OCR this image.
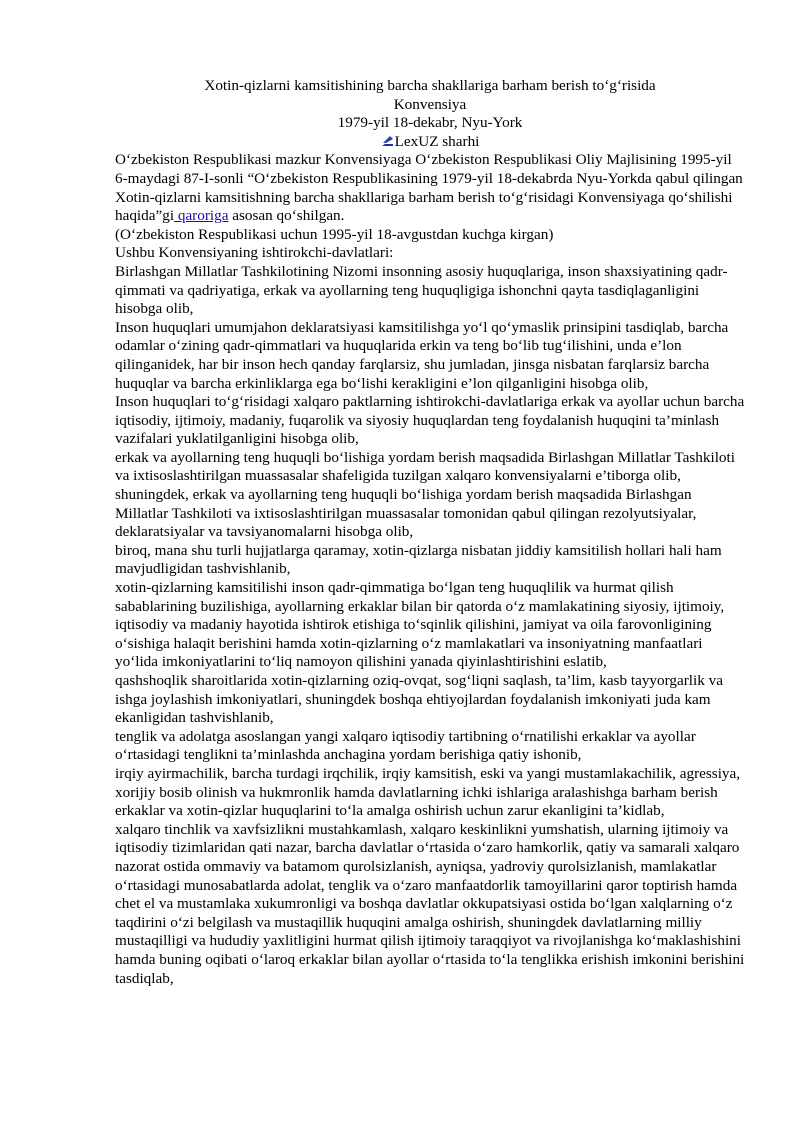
Xotin-qizlarni kamsitishining barcha shakllariga barham berish to‘g‘risida
Konvensiya
1979-yil 18-dekabr, Nyu-York
LexUZ sharhi

O‘zbekiston Respublikasi mazkur Konvensiyaga O‘zbekiston Respublikasi Oliy Majlisining 1995-yil 6-maydagi 87-I-sonli “O‘zbekiston Respublikasining 1979-yil 18-dekabrda Nyu-Yorkda qabul qilingan Xotin-qizlarni kamsitishning barcha shakllariga barham berish to‘g‘risidagi Konvensiyaga qo‘shilishi haqida”gi qaroriga asosan qo‘shilgan.

(O‘zbekiston Respublikasi uchun 1995-yil 18-avgustdan kuchga kirgan)

Ushbu Konvensiyaning ishtirokchi-davlatlari:

Birlashgan Millatlar Tashkilotining Nizomi insonning asosiy huquqlariga, inson shaxsiyatining qadr-qimmati va qadriyatiga, erkak va ayollarning teng huquqligiga ishonchni qayta tasdiqlaganligini hisobga olib,

Inson huquqlari umumjahon deklaratsiyasi kamsitilishga yo‘l qo‘ymaslik prinsipini tasdiqlab, barcha odamlar o‘zining qadr-qimmatlari va huquqlarida erkin va teng bo‘lib tug‘ilishini, unda e’lon qilinganidek, har bir inson hech qanday farqlarsiz, shu jumladan, jinsga nisbatan farqlarsiz barcha huquqlar va barcha erkinliklarga ega bo‘lishi kerakligini e’lon qilganligini hisobga olib,

Inson huquqlari to‘g‘risidagi xalqaro paktlarning ishtirokchi-davlatlariga erkak va ayollar uchun barcha iqtisodiy, ijtimoiy, madaniy, fuqarolik va siyosiy huquqlardan teng foydalanish huquqini ta’minlash vazifalari yuklatilganligini hisobga olib,

erkak va ayollarning teng huquqli bo‘lishiga yordam berish maqsadida Birlashgan Millatlar Tashkiloti va ixtisoslashtirilgan muassasalar shafeligida tuzilgan xalqaro konvensiyalarni e’tiborga olib,

shuningdek, erkak va ayollarning teng huquqli bo‘lishiga yordam berish maqsadida Birlashgan Millatlar Tashkiloti va ixtisoslashtirilgan muassasalar tomonidan qabul qilingan rezolyutsiyalar, deklaratsiyalar va tavsiyanomalarni hisobga olib,

biroq, mana shu turli hujjatlarga qaramay, xotin-qizlarga nisbatan jiddiy kamsitilish hollari hali ham mavjudligidan tashvishlanib,

xotin-qizlarning kamsitilishi inson qadr-qimmatiga bo‘lgan teng huquqlilik va hurmat qilish sabablarining buzilishiga, ayollarning erkaklar bilan bir qatorda o‘z mamlakatining siyosiy, ijtimoiy, iqtisodiy va madaniy hayotida ishtirok etishiga to‘sqinlik qilishini, jamiyat va oila farovonligining o‘sishiga halaqit berishini hamda xotin-qizlarning o‘z mamlakatlari va insoniyatning manfaatlari yo‘lida imkoniyatlarini to‘liq namoyon qilishini yanada qiyinlashtirishini eslatib,

qashshoqlik sharoitlarida xotin-qizlarning oziq-ovqat, sog‘liqni saqlash, ta’lim, kasb tayyorgarlik va ishga joylashish imkoniyatlari, shuningdek boshqa ehtiyojlardan foydalanish imkoniyati juda kam ekanligidan tashvishlanib,

tenglik va adolatga asoslangan yangi xalqaro iqtisodiy tartibning o‘rnatilishi erkaklar va ayollar o‘rtasidagi tenglikni ta’minlashda anchagina yordam berishiga qatiy ishonib,

irqiy ayirmachilik, barcha turdagi irqchilik, irqiy kamsitish, eski va yangi mustamlakachilik, agressiya, xorijiy bosib olinish va hukmronlik hamda davlatlarning ichki ishlariga aralashishga barham berish erkaklar va xotin-qizlar huquqlarini to‘la amalga oshirish uchun zarur ekanligini ta’kidlab,

xalqaro tinchlik va xavfsizlikni mustahkamlash, xalqaro keskinlikni yumshatish, ularning ijtimoiy va iqtisodiy tizimlaridan qati nazar, barcha davlatlar o‘rtasida o‘zaro hamkorlik, qatiy va samarali xalqaro nazorat ostida ommaviy va batamom qurolsizlanish, ayniqsa, yadroviy qurolsizlanish, mamlakatlar o‘rtasidagi munosabatlarda adolat, tenglik va o‘zaro manfaatdorlik tamoyillarini qaror toptirish hamda chet el va mustamlaka xukumronligi va boshqa davlatlar okkupatsiyasi ostida bo‘lgan xalqlarning o‘z taqdirini o‘zi belgilash va mustaqillik huquqini amalga oshirish, shuningdek davlatlarning milliy mustaqilligi va hududiy yaxlitligini hurmat qilish ijtimoiy taraqqiyot va rivojlanishga ko‘maklashishini hamda buning oqibati o‘laroq erkaklar bilan ayollar o‘rtasida to‘la tenglikka erishish imkonini berishini tasdiqlab,
